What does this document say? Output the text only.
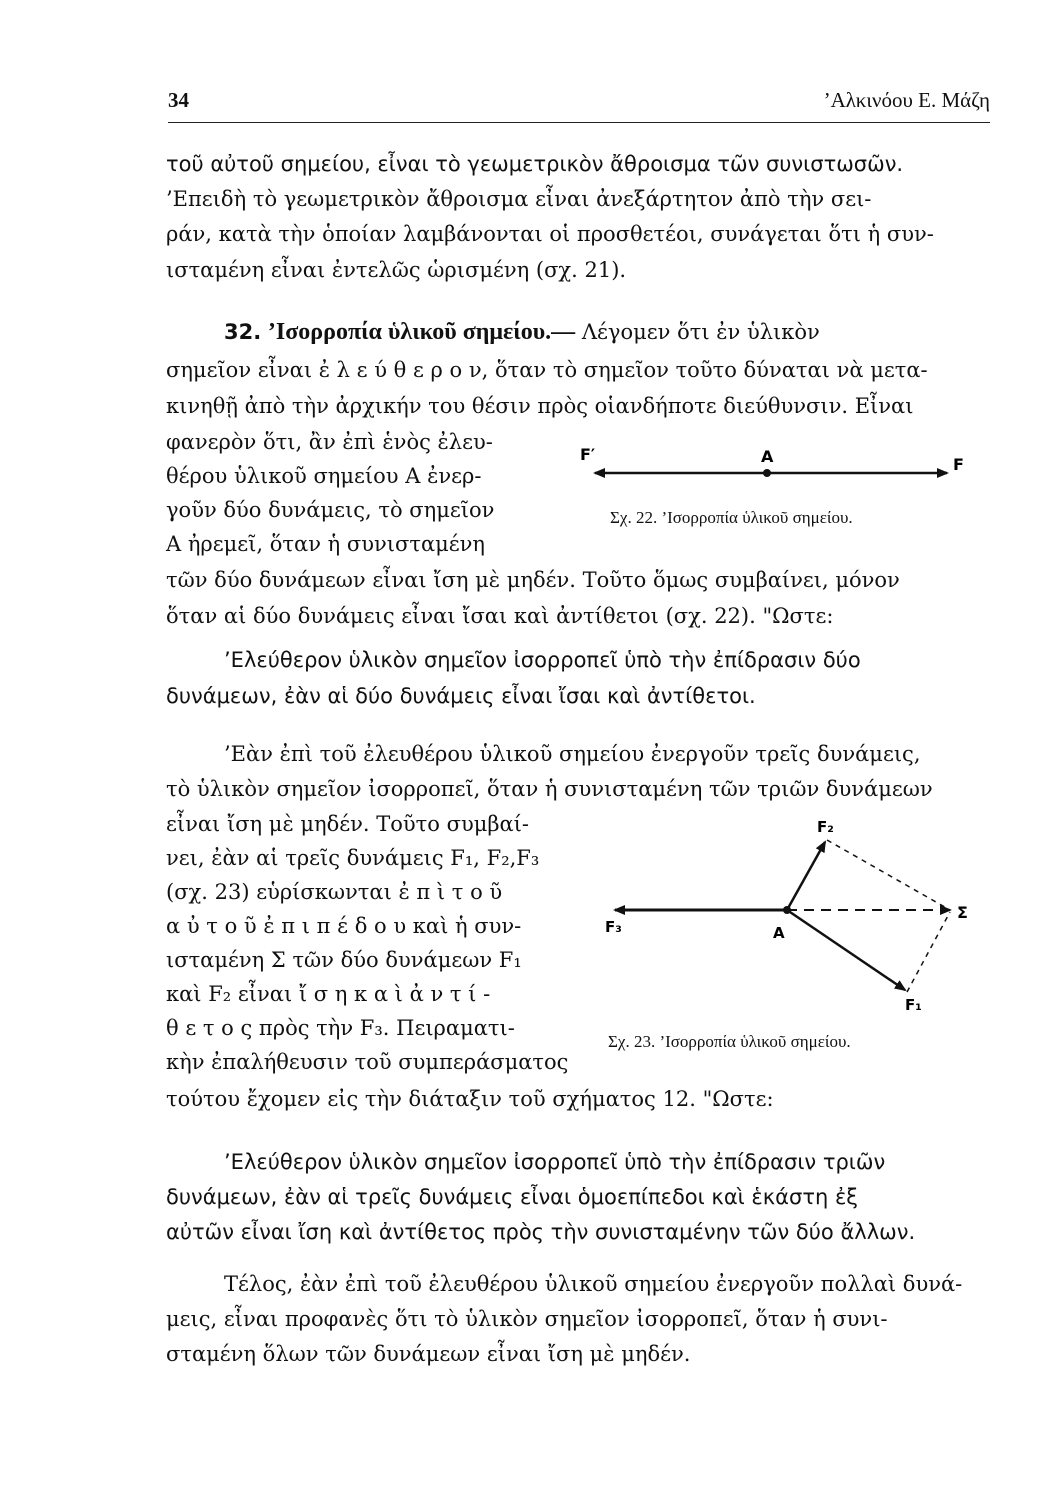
34	’Αλκινόου Ε. Μάζη
τοῦ αὐτοῦ σημείου, εἶναι τὸ γεωμετρικὸν ἄθροισμα τῶν συνιστωσῶν.
’Επειδὴ τὸ γεωμετρικὸν ἄθροισμα εἶναι ἀνεξάρτητον ἀπὸ τὴν σει-
ράν, κατὰ τὴν ὁποίαν λαμβάνονται οἱ προσθετέοι, συνάγεται ὅτι ἡ συν-
ισταμένη εἶναι ἐντελῶς ὡρισμένη (σχ. 21).
32. ’Ισορροπία ὑλικοῦ σημείου.— Λέγομεν ὅτι ἐν ὑλικὸν
σημεῖον εἶναι ἐ λ ε ύ θ ε ρ ο ν, ὅταν τὸ σημεῖον τοῦτο δύναται νὰ μετα-
κινηθῇ ἀπὸ τὴν ἀρχικήν του θέσιν πρὸς οἱανδήποτε διεύθυνσιν. Εἶναι
φανερὸν ὅτι, ἂν ἐπὶ ἑνὸς ἐλευ-
θέρου ὑλικοῦ σημείου Α ἐνερ-
γοῦν δύο δυνάμεις, τὸ σημεῖον
Α ἠρεμεῖ, ὅταν ἡ συνισταμένη
τῶν δύο δυνάμεων εἶναι ἴση μὲ μηδέν. Τοῦτο ὅμως συμβαίνει, μόνον
ὅταν αἱ δύο δυνάμεις εἶναι ἴσαι καὶ ἀντίθετοι (σχ. 22). "Ωστε:
F′	A	F
Σχ. 22. ’Ισορροπία ὑλικοῦ σημείου.
’Ελεύθερον ὑλικὸν σημεῖον ἰσορροπεῖ ὑπὸ τὴν ἐπίδρασιν δύο
δυνάμεων, ἐὰν αἱ δύο δυνάμεις εἶναι ἴσαι καὶ ἀντίθετοι.
’Εὰν ἐπὶ τοῦ ἐλευθέρου ὑλικοῦ σημείου ἐνεργοῦν τρεῖς δυνάμεις,
τὸ ὑλικὸν σημεῖον ἰσορροπεῖ, ὅταν ἡ συνισταμένη τῶν τριῶν δυνάμεων
εἶναι ἴση μὲ μηδέν. Τοῦτο συμβαί-
νει, ἐὰν αἱ τρεῖς δυνάμεις F₁, F₂,F₃
(σχ. 23) εὑρίσκωνται ἐ π ὶ τ ο ῦ
α ὐ τ ο ῦ ἐ π ι π έ δ ο υ καὶ ἡ συν-
ισταμένη Σ τῶν δύο δυνάμεων F₁
καὶ F₂ εἶναι ἴ σ η κ α ὶ ἀ ν τ ί -
θ ε τ ο ς πρὸς τὴν F₃. Πειραματι-
κὴν ἐπαλήθευσιν τοῦ συμπεράσματος
τούτου ἔχομεν εἰς τὴν διάταξιν τοῦ σχήματος 12. "Ωστε:
F₂
F₃	A
Σ
F₁
Σχ. 23. ’Ισορροπία ὑλικοῦ σημείου.
’Ελεύθερον ὑλικὸν σημεῖον ἰσορροπεῖ ὑπὸ τὴν ἐπίδρασιν τριῶν
δυνάμεων, ἐὰν αἱ τρεῖς δυνάμεις εἶναι ὁμοεπίπεδοι καὶ ἑκάστη ἐξ
αὐτῶν εἶναι ἴση καὶ ἀντίθετος πρὸς τὴν συνισταμένην τῶν δύο ἄλλων.
Τέλος, ἐὰν ἐπὶ τοῦ ἐλευθέρου ὑλικοῦ σημείου ἐνεργοῦν πολλαὶ δυνά-
μεις, εἶναι προφανὲς ὅτι τὸ ὑλικὸν σημεῖον ἰσορροπεῖ, ὅταν ἡ συνι-
σταμένη ὅλων τῶν δυνάμεων εἶναι ἴση μὲ μηδέν.
